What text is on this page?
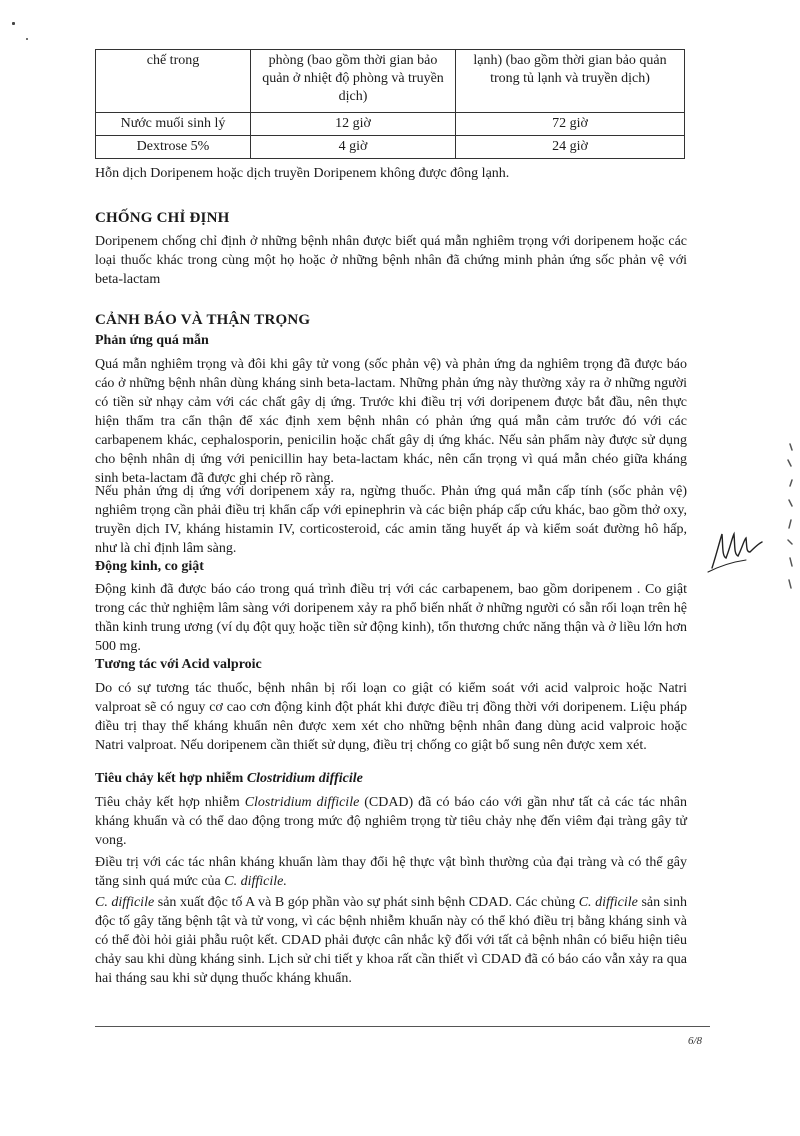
chế trong	phòng (bao gồm thời gian bảo quản ở nhiệt độ phòng và truyền dịch)	lạnh) (bao gồm thời gian bảo quản trong tủ lạnh và truyền dịch)
Nước muối sinh lý	12 giờ	72 giờ
Dextrose 5%	4 giờ	24 giờ
Hỗn dịch Doripenem hoặc dịch truyền Doripenem không được đông lạnh.
CHỐNG CHỈ ĐỊNH
Doripenem chống chỉ định ở những bệnh nhân được biết quá mẫn nghiêm trọng với doripenem hoặc các loại thuốc khác trong cùng một họ hoặc ở những bệnh nhân đã chứng minh phản ứng sốc phản vệ với beta-lactam
CẢNH BÁO VÀ THẬN TRỌNG
Phản ứng quá mẫn
Quá mẫn nghiêm trọng và đôi khi gây tử vong (sốc phản vệ) và phản ứng da nghiêm trọng đã được báo cáo ở những bệnh nhân dùng kháng sinh beta-lactam. Những phản ứng này thường xảy ra ở những người có tiền sử nhạy cảm với các chất gây dị ứng. Trước khi điều trị với doripenem được bắt đầu, nên thực hiện thẩm tra cẩn thận để xác định xem bệnh nhân có phản ứng quá mẫn cảm trước đó với các carbapenem khác, cephalosporin, penicilin hoặc chất gây dị ứng khác. Nếu sản phẩm này được sử dụng cho bệnh nhân dị ứng với penicillin hay beta-lactam khác, nên cẩn trọng vì quá mẫn chéo giữa kháng sinh beta-lactam đã được ghi chép rõ ràng.
Nếu phản ứng dị ứng với doripenem xảy ra, ngừng thuốc. Phản ứng quá mẫn cấp tính (sốc phản vệ) nghiêm trọng cần phải điều trị khẩn cấp với epinephrin và các biện pháp cấp cứu khác, bao gồm thở oxy, truyền dịch IV, kháng histamin IV, corticosteroid, các amin tăng huyết áp và kiểm soát đường hô hấp, như là chỉ định lâm sàng.
Động kinh, co giật
Động kinh đã được báo cáo trong quá trình điều trị với các carbapenem, bao gồm doripenem . Co giật trong các thử nghiệm lâm sàng với doripenem xảy ra phổ biến nhất ở những người có sẵn rối loạn trên hệ thần kinh trung ương (ví dụ đột quỵ hoặc tiền sử động kinh), tổn thương chức năng thận và ở liều lớn hơn 500 mg.
Tương tác với Acid valproic
Do có sự tương tác thuốc, bệnh nhân bị rối loạn co giật có kiểm soát với acid valproic hoặc Natri valproat sẽ có nguy cơ cao cơn động kinh đột phát khi được điều trị đồng thời với doripenem. Liệu pháp điều trị thay thế kháng khuẩn nên được xem xét cho những bệnh nhân đang dùng acid valproic hoặc Natri valproat. Nếu doripenem cần thiết sử dụng, điều trị chống co giật bổ sung nên được xem xét.
Tiêu chảy kết hợp nhiễm Clostridium difficile
Tiêu chảy kết hợp nhiễm Clostridium difficile (CDAD) đã có báo cáo với gần như tất cả các tác nhân kháng khuẩn và có thể dao động trong mức độ nghiêm trọng từ tiêu chảy nhẹ đến viêm đại tràng gây tử vong.
Điều trị với các tác nhân kháng khuẩn làm thay đổi hệ thực vật bình thường của đại tràng và có thể gây tăng sinh quá mức của C. difficile.
C. difficile sản xuất độc tố A và B góp phần vào sự phát sinh bệnh CDAD. Các chủng C. difficile sản sinh độc tố gây tăng bệnh tật và tử vong, vì các bệnh nhiễm khuẩn này có thể khó điều trị bằng kháng sinh và có thể đòi hỏi giải phẫu ruột kết. CDAD phải được cân nhắc kỹ đối với tất cả bệnh nhân có biểu hiện tiêu chảy sau khi dùng kháng sinh. Lịch sử chi tiết y khoa rất cần thiết vì CDAD đã có báo cáo vẫn xảy ra qua hai tháng sau khi sử dụng thuốc kháng khuẩn.
6/8
